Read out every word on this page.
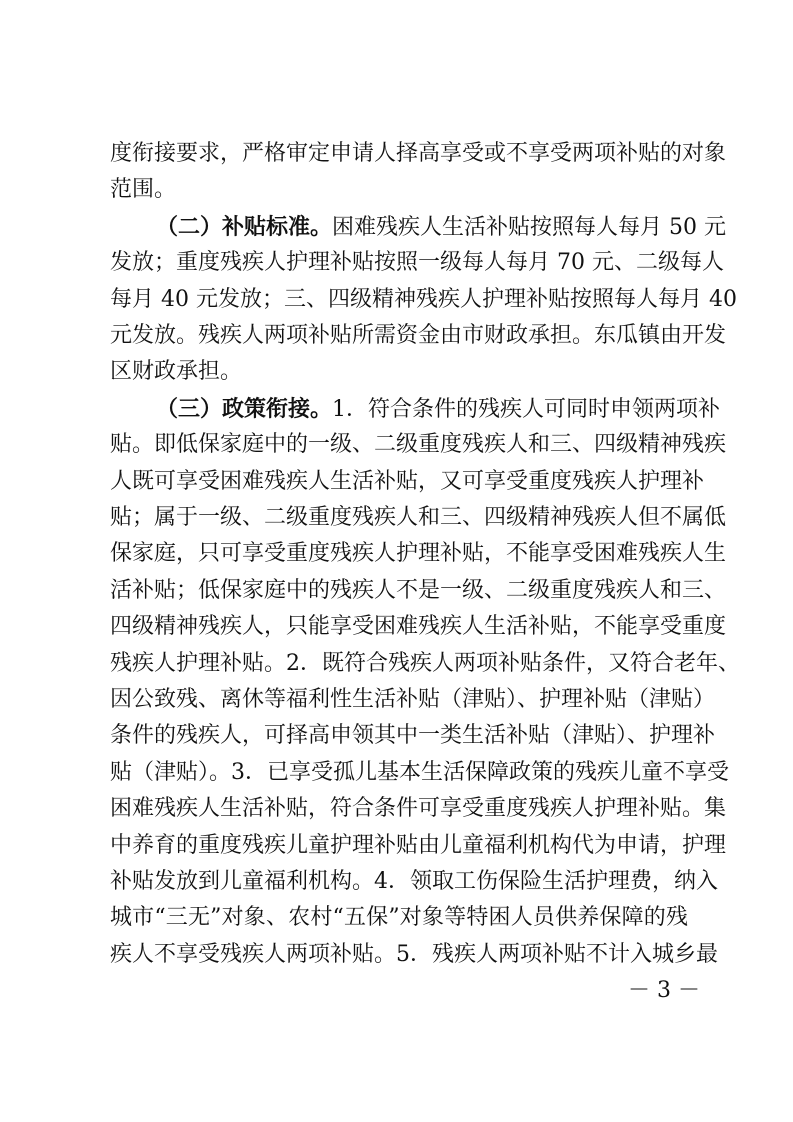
度衔接要求，严格审定申请人择高享受或不享受两项补贴的对象
范围。
（二）补贴标准。困难残疾人生活补贴按照每人每月 50 元
发放；重度残疾人护理补贴按照一级每人每月 70 元、二级每人
每月 40 元发放；三、四级精神残疾人护理补贴按照每人每月 40
元发放。残疾人两项补贴所需资金由市财政承担。东瓜镇由开发
区财政承担。
（三）政策衔接。1．符合条件的残疾人可同时申领两项补
贴。即低保家庭中的一级、二级重度残疾人和三、四级精神残疾
人既可享受困难残疾人生活补贴，又可享受重度残疾人护理补
贴；属于一级、二级重度残疾人和三、四级精神残疾人但不属低
保家庭，只可享受重度残疾人护理补贴，不能享受困难残疾人生
活补贴；低保家庭中的残疾人不是一级、二级重度残疾人和三、
四级精神残疾人，只能享受困难残疾人生活补贴，不能享受重度
残疾人护理补贴。2．既符合残疾人两项补贴条件，又符合老年、
因公致残、离休等福利性生活补贴（津贴）、护理补贴（津贴）
条件的残疾人，可择高申领其中一类生活补贴（津贴）、护理补
贴（津贴）。3．已享受孤儿基本生活保障政策的残疾儿童不享受
困难残疾人生活补贴，符合条件可享受重度残疾人护理补贴。集
中养育的重度残疾儿童护理补贴由儿童福利机构代为申请，护理
补贴发放到儿童福利机构。4．领取工伤保险生活护理费，纳入
城市“三无”对象、农村“五保”对象等特困人员供养保障的残
疾人不享受残疾人两项补贴。5．残疾人两项补贴不计入城乡最
－ 3 －
